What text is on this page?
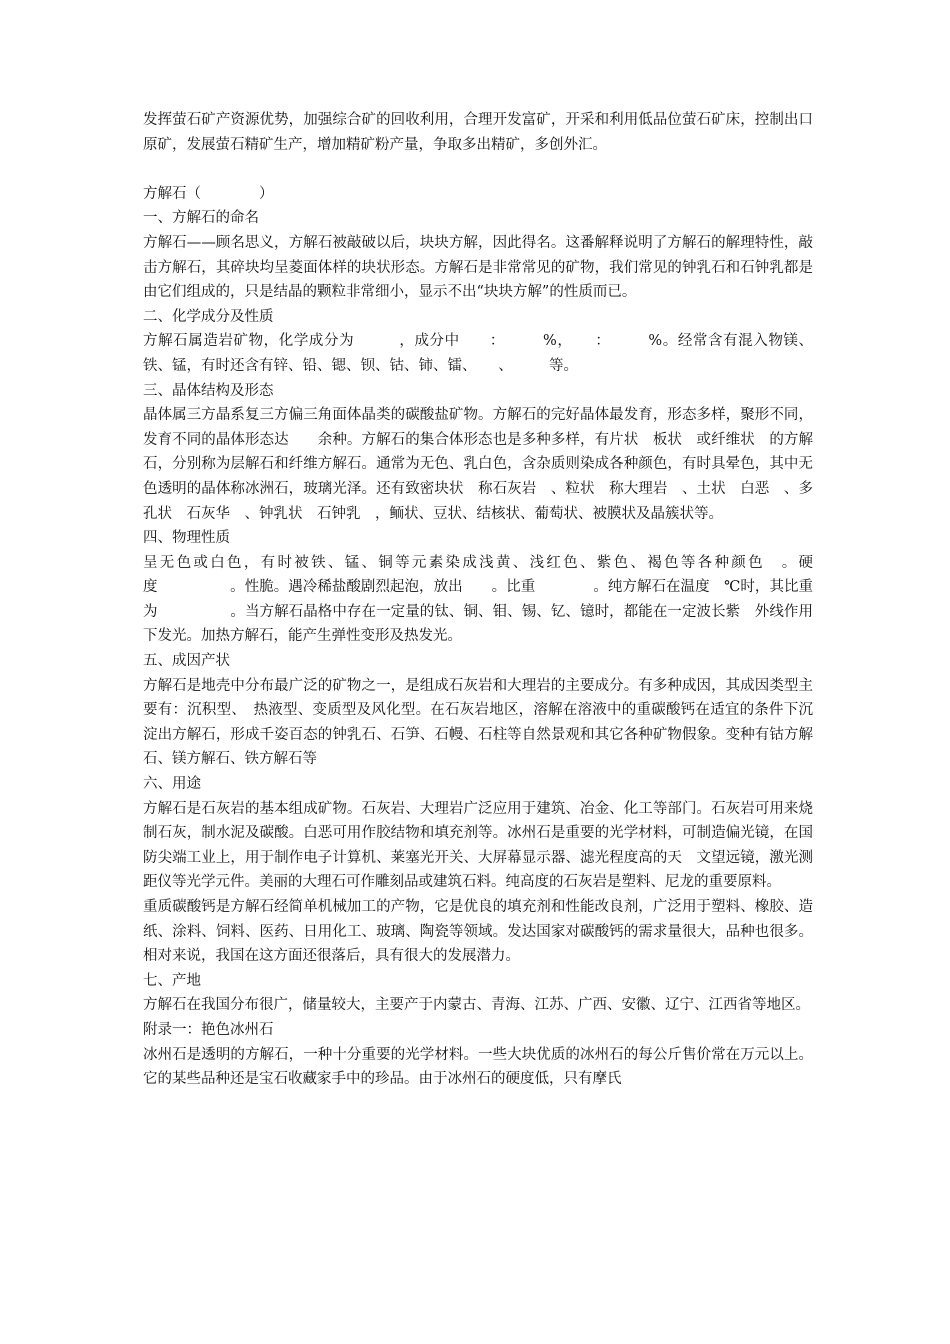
发挥萤石矿产资源优势，加强综合矿的回收利用，合理开发富矿，开采和利用低品位萤石矿床，控制出口原矿，发展萤石精矿生产，增加精矿粉产量，争取多出精矿，多创外汇。

方解石（　　　　）

一、方解石的命名

方解石——顾名思义，方解石被敲破以后，块块方解，因此得名。这番解释说明了方解石的解理特性，敲击方解石，其碎块均呈菱面体样的块状形态。方解石是非常常见的矿物，我们常见的钟乳石和石钟乳都是由它们组成的，只是结晶的颗粒非常细小，显示不出“块块方解”的性质而已。

二、化学成分及性质

方解石属造岩矿物，化学成分为　　　，成分中　　：　　　%，　　：　　　%。经常含有混入物镁、铁、锰，有时还含有锌、铅、锶、钡、钴、铈、镭、　　、　　　等。

三、晶体结构及形态

晶体属三方晶系复三方偏三角面体晶类的碳酸盐矿物。方解石的完好晶体最发育，形态多样，聚形不同，发育不同的晶体形态达　　余种。方解石的集合体形态也是多种多样，有片状　板状　或纤维状　的方解石，分别称为层解石和纤维方解石。通常为无色、乳白色，含杂质则染成各种颜色，有时具晕色，其中无色透明的晶体称冰洲石，玻璃光泽。还有致密块状　称石灰岩　、粒状　称大理岩　、土状　白恶　、多孔状　石灰华　、钟乳状　石钟乳　，鲕状、豆状、结核状、葡萄状、被膜状及晶簇状等。

四、物理性质

呈无色或白色，有时被铁、锰、铜等元素染成浅黄、浅红色、紫色、褐色等各种颜色　。硬度　　　　　。性脆。遇冷稀盐酸剧烈起泡，放出　　。比重　　　　。纯方解石在温度　℃时，其比重为　　　　　。当方解石晶格中存在一定量的钛、铜、钼、锡、钇、镱时，都能在一定波长紫　外线作用下发光。加热方解石，能产生弹性变形及热发光。

五、成因产状

方解石是地壳中分布最广泛的矿物之一，是组成石灰岩和大理岩的主要成分。有多种成因，其成因类型主要有：沉积型、　热液型、变质型及风化型。在石灰岩地区，溶解在溶液中的重碳酸钙在适宜的条件下沉淀出方解石，形成千姿百态的钟乳石、石笋、石幔、石柱等自然景观和其它各种矿物假象。变种有钴方解石、镁方解石、铁方解石等

六、用途

方解石是石灰岩的基本组成矿物。石灰岩、大理岩广泛应用于建筑、冶金、化工等部门。石灰岩可用来烧制石灰，制水泥及碳酸。白恶可用作胶结物和填充剂等。冰州石是重要的光学材料，可制造偏光镜，在国防尖端工业上，用于制作电子计算机、莱塞光开关、大屏幕显示器、滤光程度高的天　文望远镜，激光测距仪等光学元件。美丽的大理石可作雕刻品或建筑石料。纯高度的石灰岩是塑料、尼龙的重要原料。

重质碳酸钙是方解石经简单机械加工的产物，它是优良的填充剂和性能改良剂，广泛用于塑料、橡胶、造纸、涂料、饲料、医药、日用化工、玻璃、陶瓷等领域。发达国家对碳酸钙的需求量很大，品种也很多。相对来说，我国在这方面还很落后，具有很大的发展潜力。

七、产地

方解石在我国分布很广，储量较大，主要产于内蒙古、青海、江苏、广西、安徽、辽宁、江西省等地区。

附录一：艳色冰州石

冰州石是透明的方解石，一种十分重要的光学材料。一些大块优质的冰州石的每公斤售价常在万元以上。它的某些品种还是宝石收藏家手中的珍品。由于冰州石的硬度低，只有摩氏
